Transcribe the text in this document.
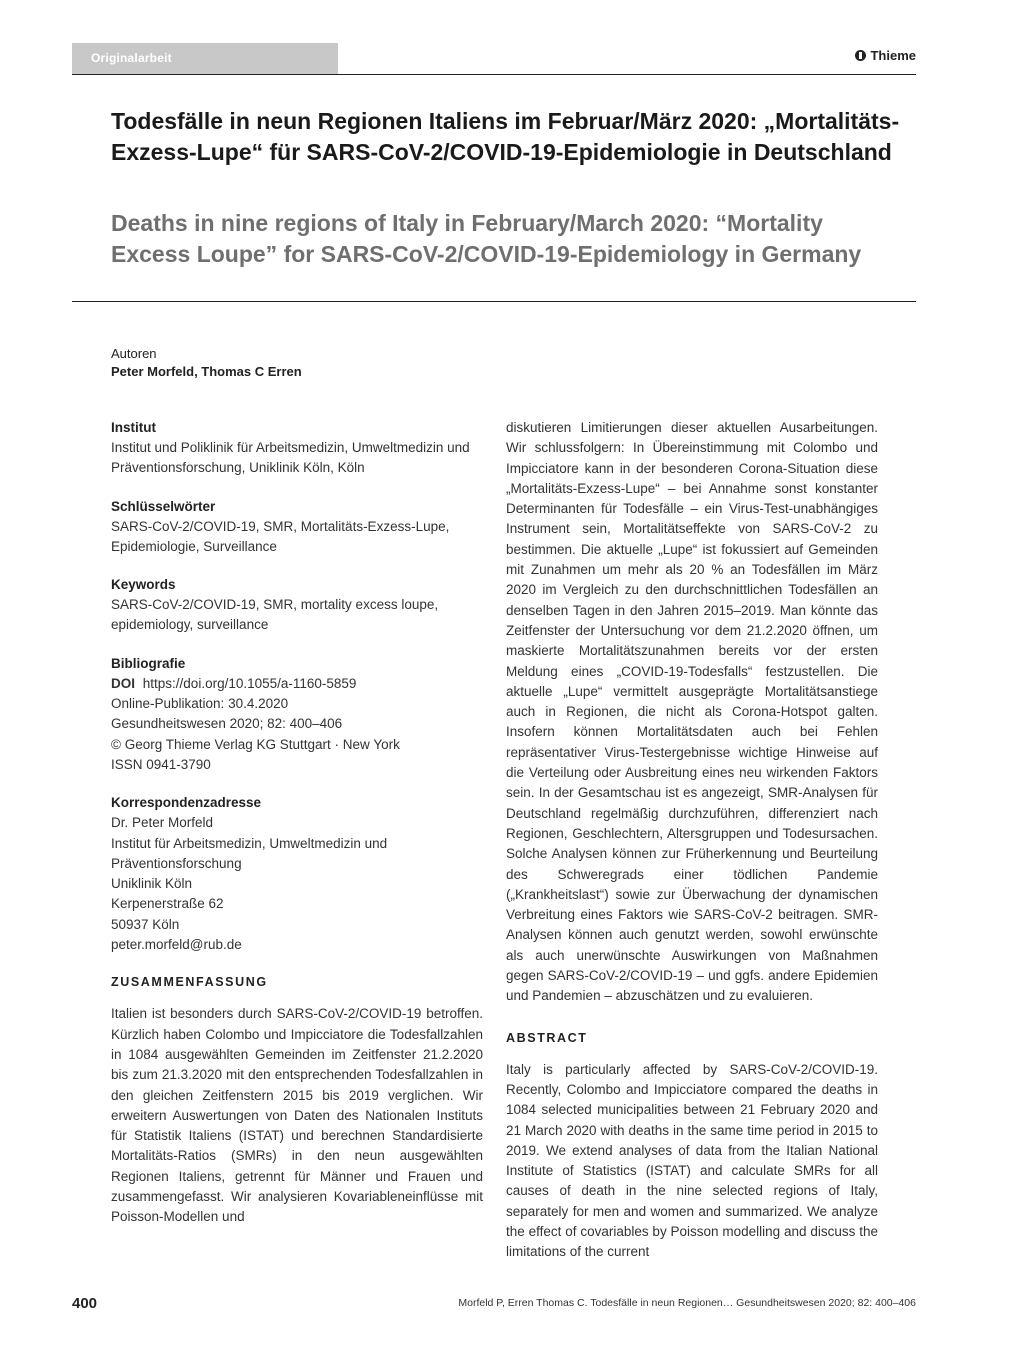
Originalarbeit	Thieme
Todesfälle in neun Regionen Italiens im Februar/März 2020: „Mortalitäts-Exzess-Lupe“ für SARS-CoV-2/COVID-19-Epidemiologie in Deutschland
Deaths in nine regions of Italy in February/March 2020: “Mortality Excess Loupe” for SARS-CoV-2/COVID-19-Epidemiology in Germany
Autoren
Peter Morfeld, Thomas C Erren
Institut
Institut und Poliklinik für Arbeitsmedizin, Umweltmedizin und Präventionsforschung, Uniklinik Köln, Köln
Schlüsselwörter
SARS-CoV-2/COVID-19, SMR, Mortalitäts-Exzess-Lupe, Epidemiologie, Surveillance
Keywords
SARS-CoV-2/COVID-19, SMR, mortality excess loupe, epidemiology, surveillance
Bibliografie
DOI https://doi.org/10.1055/a-1160-5859
Online-Publikation: 30.4.2020
Gesundheitswesen 2020; 82: 400–406
© Georg Thieme Verlag KG Stuttgart · New York
ISSN 0941-3790
Korrespondenzadresse
Dr. Peter Morfeld
Institut für Arbeitsmedizin, Umweltmedizin und
Präventionsforschung
Uniklinik Köln
Kerpenerstraße 62
50937 Köln
peter.morfeld@rub.de
ZUSAMMENFASSUNG

Italien ist besonders durch SARS-CoV-2/COVID-19 betroffen. Kürzlich haben Colombo und Impicciatore die Todesfallzahlen in 1084 ausgewählten Gemeinden im Zeitfenster 21.2.2020 bis zum 21.3.2020 mit den entsprechenden Todesfallzahlen in den gleichen Zeitfenstern 2015 bis 2019 verglichen. Wir erweitern Auswertungen von Daten des Nationalen Instituts für Statistik Italiens (ISTAT) und berechnen Standardisierte Mortalitäts-Ratios (SMRs) in den neun ausgewählten Regionen Italiens, getrennt für Männer und Frauen und zusammengefasst. Wir analysieren Kovariableneinflüsse mit Poisson-Modellen und

diskutieren Limitierungen dieser aktuellen Ausarbeitungen. Wir schlussfolgern: In Übereinstimmung mit Colombo und Impicciatore kann in der besonderen Corona-Situation diese „Mortalitäts-Exzess-Lupe“ – bei Annahme sonst konstanter Determinanten für Todesfälle – ein Virus-Test-unabhängiges Instrument sein, Mortalitätseffekte von SARS-CoV-2 zu bestimmen. Die aktuelle „Lupe“ ist fokussiert auf Gemeinden mit Zunahmen um mehr als 20 % an Todesfällen im März 2020 im Vergleich zu den durchschnittlichen Todesfällen an denselben Tagen in den Jahren 2015–2019. Man könnte das Zeitfenster der Untersuchung vor dem 21.2.2020 öffnen, um maskierte Mortalitätszunahmen bereits vor der ersten Meldung eines „COVID-19-Todesfalls“ festzustellen. Die aktuelle „Lupe“ vermittelt ausgeprägte Mortalitätsanstiege auch in Regionen, die nicht als Corona-Hotspot galten. Insofern können Mortalitätsdaten auch bei Fehlen repräsentativer Virus-Testergebnisse wichtige Hinweise auf die Verteilung oder Ausbreitung eines neu wirkenden Faktors sein. In der Gesamtschau ist es angezeigt, SMR-Analysen für Deutschland regelmäßig durchzuführen, differenziert nach Regionen, Geschlechtern, Altersgruppen und Todesursachen. Solche Analysen können zur Früherkennung und Beurteilung des Schweregrads einer tödlichen Pandemie („Krankheitslast“) sowie zur Überwachung der dynamischen Verbreitung eines Faktors wie SARS-CoV-2 beitragen. SMR-Analysen können auch genutzt werden, sowohl erwünschte als auch unerwünschte Auswirkungen von Maßnahmen gegen SARS-CoV-2/COVID-19 – und ggfs. andere Epidemien und Pandemien – abzuschätzen und zu evaluieren.

ABSTRACT

Italy is particularly affected by SARS-CoV-2/COVID-19. Recently, Colombo and Impicciatore compared the deaths in 1084 selected municipalities between 21 February 2020 and 21 March 2020 with deaths in the same time period in 2015 to 2019. We extend analyses of data from the Italian National Institute of Statistics (ISTAT) and calculate SMRs for all causes of death in the nine selected regions of Italy, separately for men and women and summarized. We analyze the effect of covariables by Poisson modelling and discuss the limitations of the current

400	Morfeld P, Erren Thomas C. Todesfälle in neun Regionen… Gesundheitswesen 2020; 82: 400–406
